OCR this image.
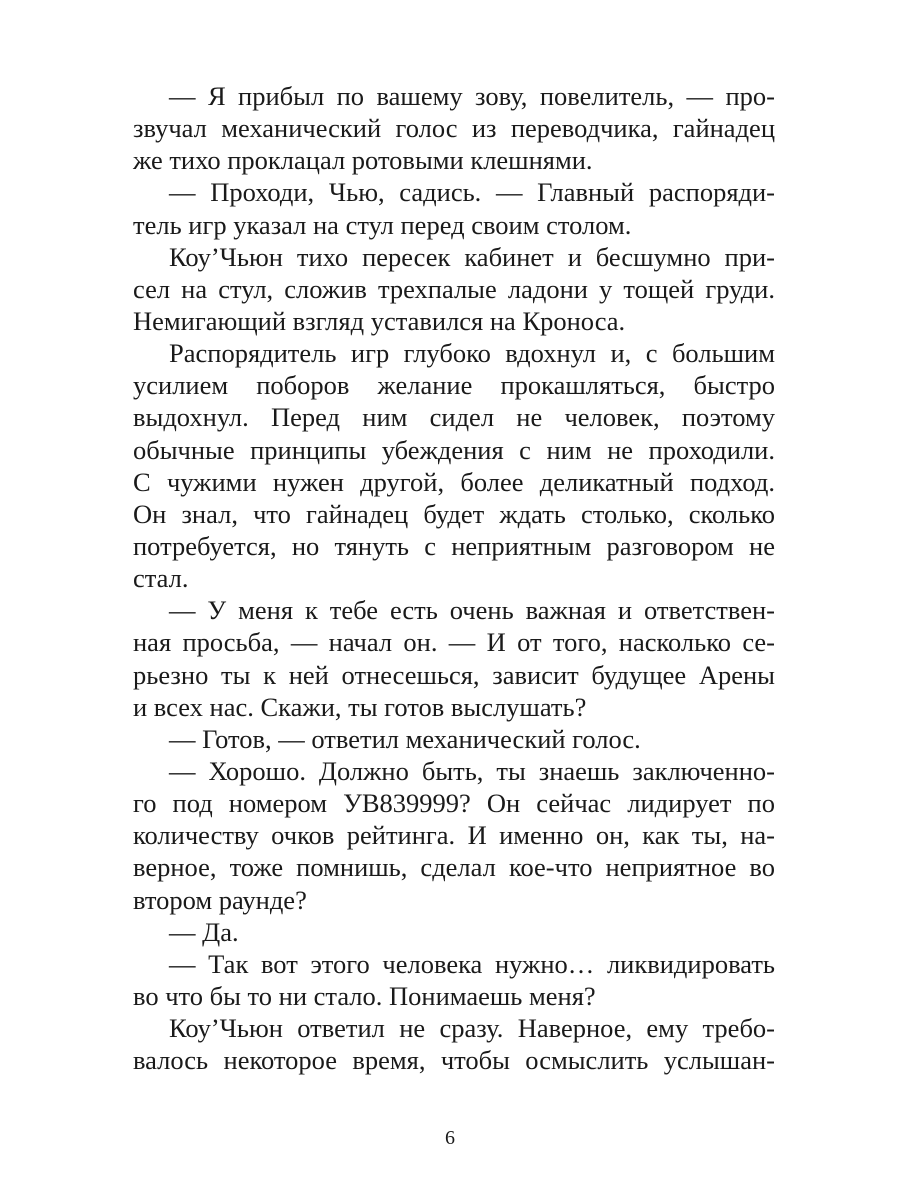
— Я прибыл по вашему зову, повелитель, — про-
звучал механический голос из переводчика, гайнадец
же тихо проклацал ротовыми клешнями.
— Проходи, Чью, садись. — Главный распоряди-
тель игр указал на стул перед своим столом.
Коу’Чьюн тихо пересек кабинет и бесшумно при-
сел на стул, сложив трехпалые ладони у тощей груди.
Немигающий взгляд уставился на Кроноса.
Распорядитель игр глубоко вдохнул и, с большим
усилием поборов желание прокашляться, быстро
выдохнул. Перед ним сидел не человек, поэтому
обычные принципы убеждения с ним не проходили.
С чужими нужен другой, более деликатный подход.
Он знал, что гайнадец будет ждать столько, сколько
потребуется, но тянуть с неприятным разговором не
стал.
— У меня к тебе есть очень важная и ответствен-
ная просьба, — начал он. — И от того, насколько се-
рьезно ты к ней отнесешься, зависит будущее Арены
и всех нас. Скажи, ты готов выслушать?
— Готов, — ответил механический голос.
— Хорошо. Должно быть, ты знаешь заключенно-
го под номером УВ839999? Он сейчас лидирует по
количеству очков рейтинга. И именно он, как ты, на-
верное, тоже помнишь, сделал кое-что неприятное во
втором раунде?
— Да.
— Так вот этого человека нужно… ликвидировать
во что бы то ни стало. Понимаешь меня?
Коу’Чьюн ответил не сразу. Наверное, ему требо-
валось некоторое время, чтобы осмыслить услышан-
6
